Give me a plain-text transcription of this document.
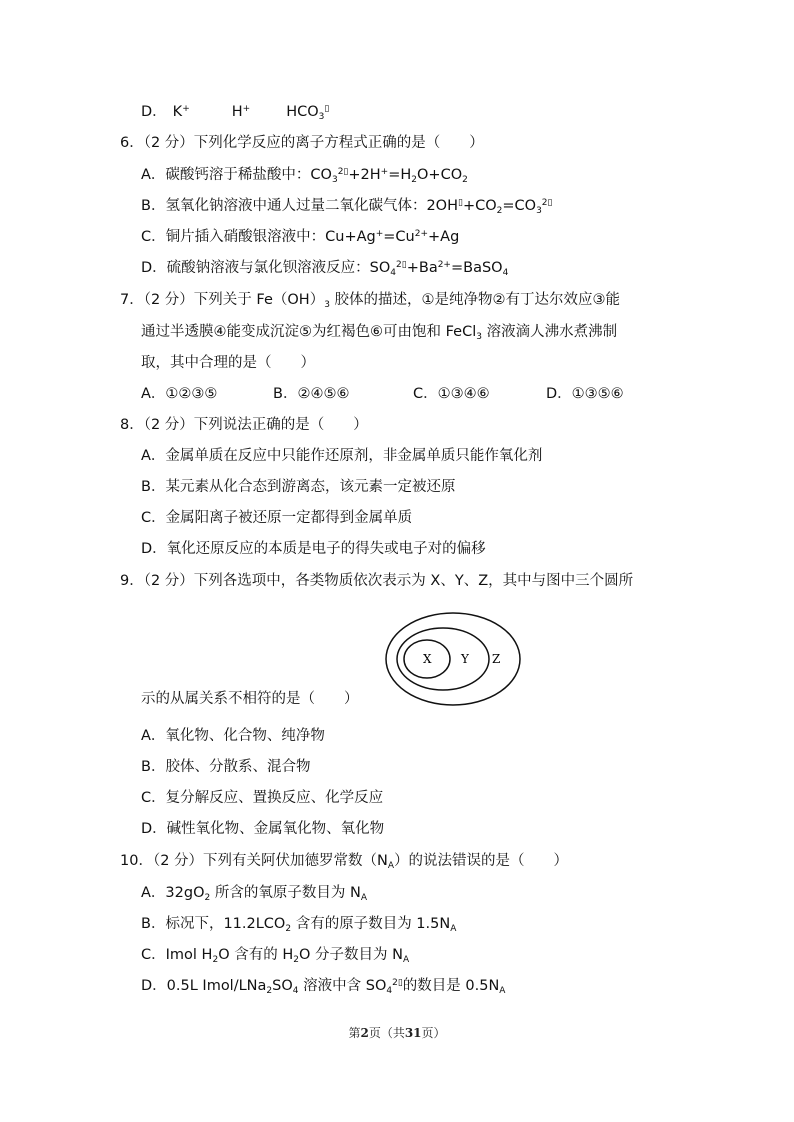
D． K+	H+ $HCO_3^▯$
6．（2 分）下列化学反应的离子方程式正确的是（　　）
A．碳酸钙溶于稀盐酸中：$CO_3^{2▯}+2H^+=H_2O+CO_2$
B．氢氧化钠溶液中通人过量二氧化碳气体：$2OH^▯+CO_2=CO_3^{2▯}$
C．铜片插入硝酸银溶液中：$Cu+Ag^+=Cu^{2+}+Ag$
D．硫酸钠溶液与氯化钡溶液反应：$SO_4^{2▯}+Ba^{2+}=BaSO_4$
7．（2 分）下列关于 $Fe(OH)_3$ 胶体的描述，①是纯净物②有丁达尔效应③能
通过半透膜④能变成沉淀⑤为红褐色⑥可由饱和 FeCl$_3$ 溶液滴人沸水煮沸制
取，其中合理的是（　　）
A．①②③⑤	B．②④⑤⑥	C．①③④⑥	D．①③⑤⑥
8．（2 分）下列说法正确的是（　　）
A．金属单质在反应中只能作还原剂，非金属单质只能作氧化剂
B．某元素从化合态到游离态，该元素一定被还原
C．金属阳离子被还原一定都得到金属单质
D．氧化还原反应的本质是电子的得失或电子对的偏移
9．（2 分）下列各选项中，各类物质依次表示为 X、Y、Z，其中与图中三个圆所
X Y Z
示的从属关系不相符的是（　　）
A．氧化物、化合物、纯净物
B．胶体、分散系、混合物
C．复分解反应、置换反应、化学反应
D．碱性氧化物、金属氧化物、氧化物
10．（2 分）下列有关阿伏加德罗常数$(N_A)$的说法错误的是（　　）
A．$32gO_2$ 所含的氧原子数目为 $N_A$
B．标况下，$11.2LCO_2$ 含有的原子数目为 $1.5N_A$
C．Imol $H_2O$ 含有的 $H_2O$ 分子数目为 $N_A$
D．0.5L Imol/$LNa_2SO_4$ 溶液中含 $SO_4^{2▯}$的数目是 $0.5N_A$
第2页（共31页）
